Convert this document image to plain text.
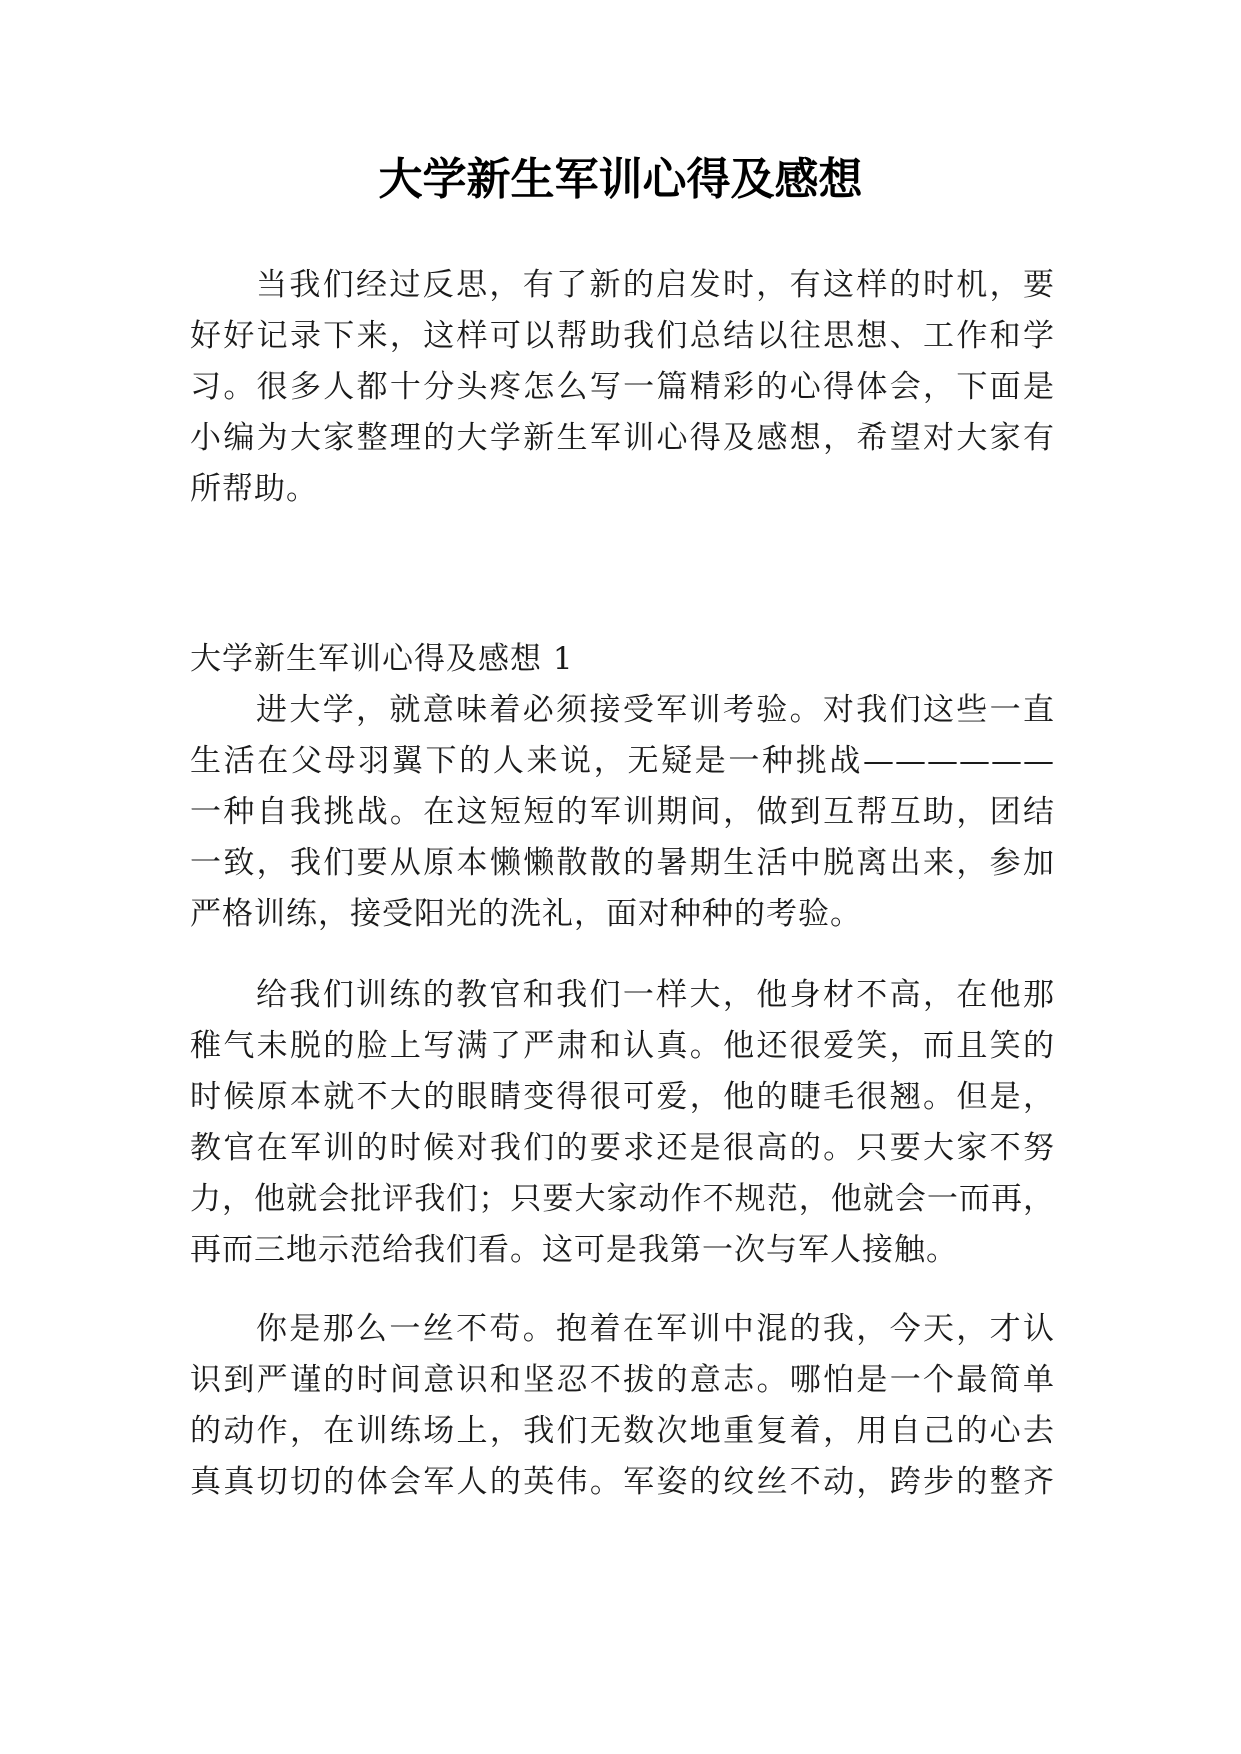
大学新生军训心得及感想
当我们经过反思，有了新的启发时，有这样的时机，要
好好记录下来，这样可以帮助我们总结以往思想、工作和学
习。很多人都十分头疼怎么写一篇精彩的心得体会，下面是
小编为大家整理的大学新生军训心得及感想，希望对大家有
所帮助。
大学新生军训心得及感想 1
进大学，就意味着必须接受军训考验。对我们这些一直
生活在父母羽翼下的人来说，无疑是一种挑战——————
一种自我挑战。在这短短的军训期间，做到互帮互助，团结
一致，我们要从原本懒懒散散的暑期生活中脱离出来，参加
严格训练，接受阳光的洗礼，面对种种的考验。
给我们训练的教官和我们一样大，他身材不高，在他那
稚气未脱的脸上写满了严肃和认真。他还很爱笑，而且笑的
时候原本就不大的眼睛变得很可爱，他的睫毛很翘。但是，
教官在军训的时候对我们的要求还是很高的。只要大家不努
力，他就会批评我们；只要大家动作不规范，他就会一而再，
再而三地示范给我们看。这可是我第一次与军人接触。
你是那么一丝不苟。抱着在军训中混的我，今天，才认
识到严谨的时间意识和坚忍不拔的意志。哪怕是一个最简单
的动作，在训练场上，我们无数次地重复着，用自己的心去
真真切切的体会军人的英伟。军姿的纹丝不动，跨步的整齐
